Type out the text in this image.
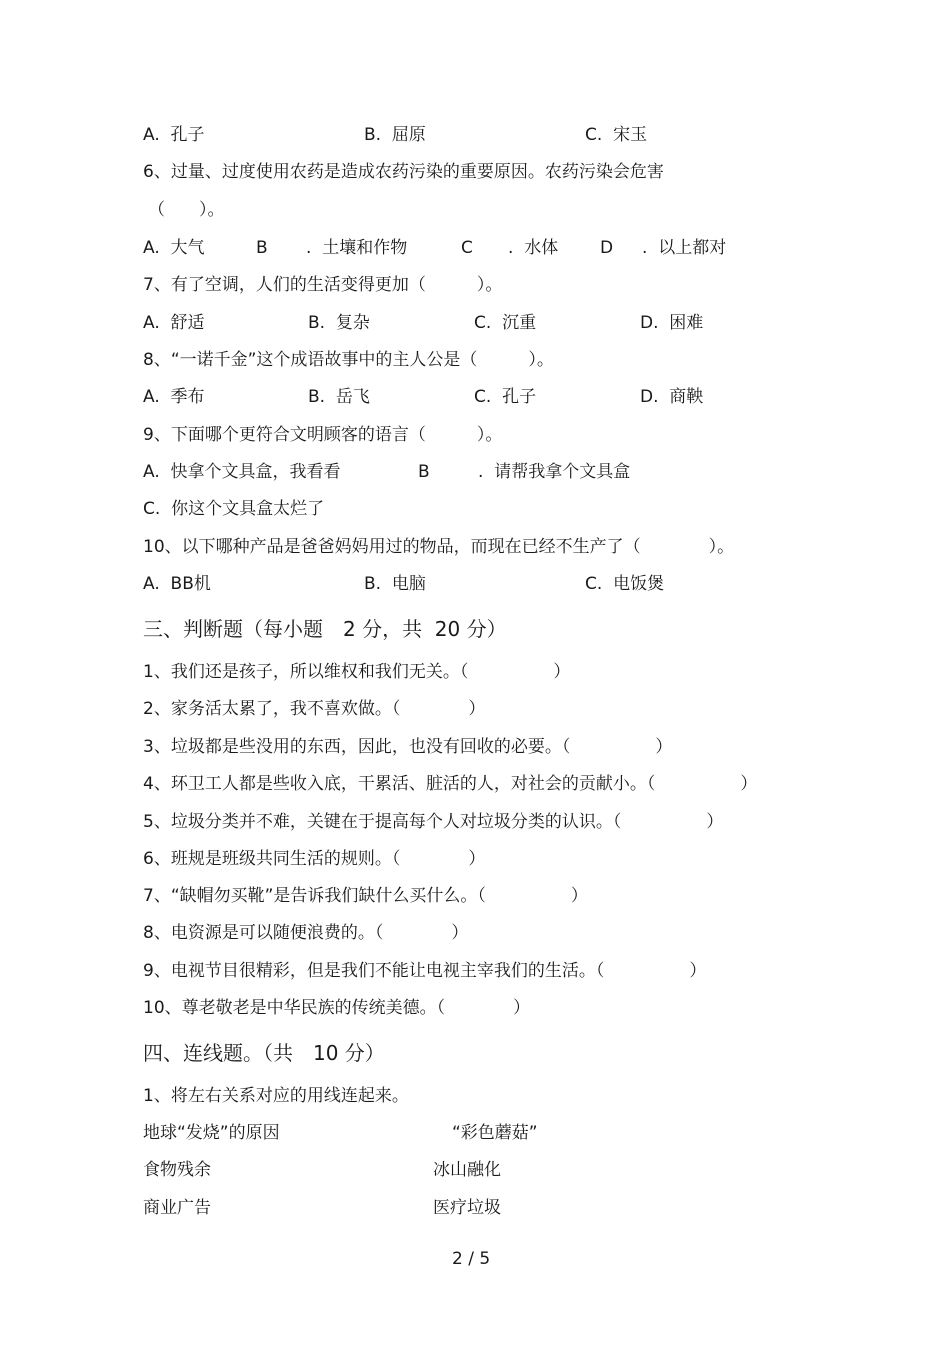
A.  孔子	B.  屈原	C.  宋玉
6、过量、过度使用农药是造成农药污染的重要原因。农药污染会危害
（　　）。
A.  大气	B .  土壤和作物	C .  水体 D .  以上都对
7、有了空调，人们的生活变得更加（　　　）。
A.  舒适	B.  复杂	C.  沉重	D.  困难
8、“一诺千金”这个成语故事中的主人公是（　　　）。
A.  季布	B.  岳飞	C.  孔子	D.  商鞅
9、下面哪个更符合文明顾客的语言（　　　）。
A.  快拿个文具盒，我看看	B	.  请帮我拿个文具盒
C.  你这个文具盒太烂了
10、以下哪种产品是爸爸妈妈用过的物品，而现在已经不生产了（　　　　）。
A.  BB机	B.  电脑	C.  电饭煲
三、判断题（每小题　2 分，共  20 分）
1、我们还是孩子，所以维权和我们无关。（　　　　　）
2、家务活太累了，我不喜欢做。（　　　　）
3、垃圾都是些没用的东西，因此，也没有回收的必要。（　　　　　）
4、环卫工人都是些收入底，干累活、脏活的人，对社会的贡献小。（　　　　　）
5、垃圾分类并不难，关键在于提高每个人对垃圾分类的认识。（　　　　　）
6、班规是班级共同生活的规则。（　　　　）
7、“缺帽勿买靴”是告诉我们缺什么买什么。（　　　　　）
8、电资源是可以随便浪费的。（　　　　）
9、电视节目很精彩，但是我们不能让电视主宰我们的生活。（　　　　　）
10、尊老敬老是中华民族的传统美德。（　　　　）
四、连线题。（共　10 分）
1、将左右关系对应的用线连起来。
地球“发烧”的原因	“彩色蘑菇”
食物残余	冰山融化
商业广告	医疗垃圾
2 / 5
